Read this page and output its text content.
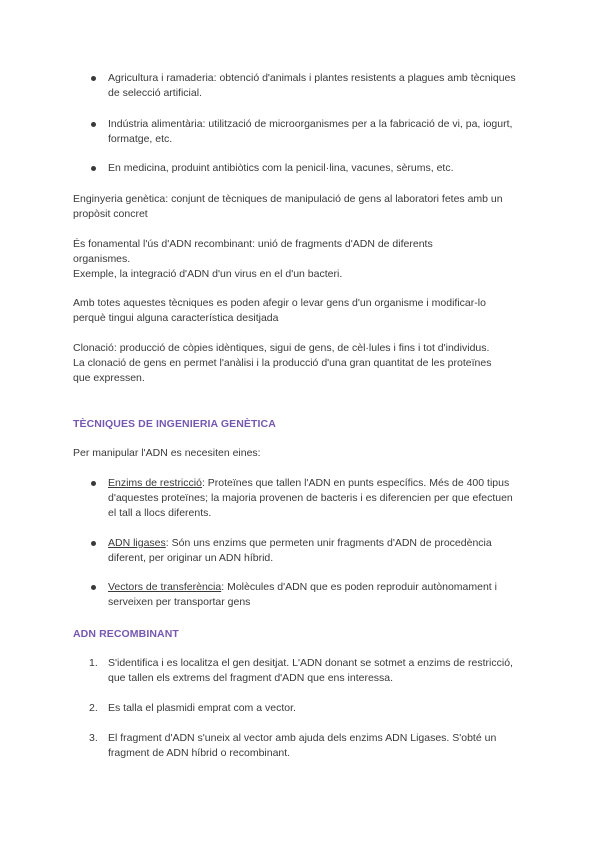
Agricultura i ramaderia: obtenció d'animals i plantes resistents a plagues amb tècniques de selecció artificial.
Indústria alimentària: utilització de microorganismes per a la fabricació de vi, pa, iogurt, formatge, etc.
En medicina, produint antibiòtics com la penicil·lina, vacunes, sèrums, etc.

Enginyeria genètica: conjunt de tècniques de manipulació de gens al laboratori fetes amb un propòsit concret

És fonamental l'ús d'ADN recombinant: unió de fragments d'ADN de diferents organismes.

Exemple, la integració d'ADN d'un virus en el d'un bacteri.

Amb totes aquestes tècniques es poden afegir o levar gens d'un organisme i modificar-lo perquè tingui alguna característica desitjada

Clonació: producció de còpies idèntiques, sigui de gens, de cèl·lules i fins i tot d'individus. La clonació de gens en permet l'anàlisi i la producció d'una gran quantitat de les proteïnes que expressen.

TÈCNIQUES DE INGENIERIA GENÈTICA

Per manipular l'ADN es necesiten eines:

Enzims de restricció: Proteïnes que tallen l'ADN en punts específics. Més de 400 tipus d'aquestes proteïnes; la majoria provenen de bacteris i es diferencien per que efectuen el tall a llocs diferents.
ADN ligases: Són uns enzims que permeten unir fragments d'ADN de procedència diferent, per originar un ADN híbrid.
Vectors de transferència: Molècules d'ADN que es poden reproduir autònomament i serveixen per transportar gens
ADN RECOMBINANT
1. S'identifica i es localitza el gen desitjat. L'ADN donant se sotmet a enzims de restricció, que tallen els extrems del fragment d'ADN que ens interessa.
2. Es talla el plasmidi emprat com a vector.
3. El fragment d'ADN s'uneix al vector amb ajuda dels enzims ADN Ligases. S'obté un fragment de ADN híbrid o recombinant.
